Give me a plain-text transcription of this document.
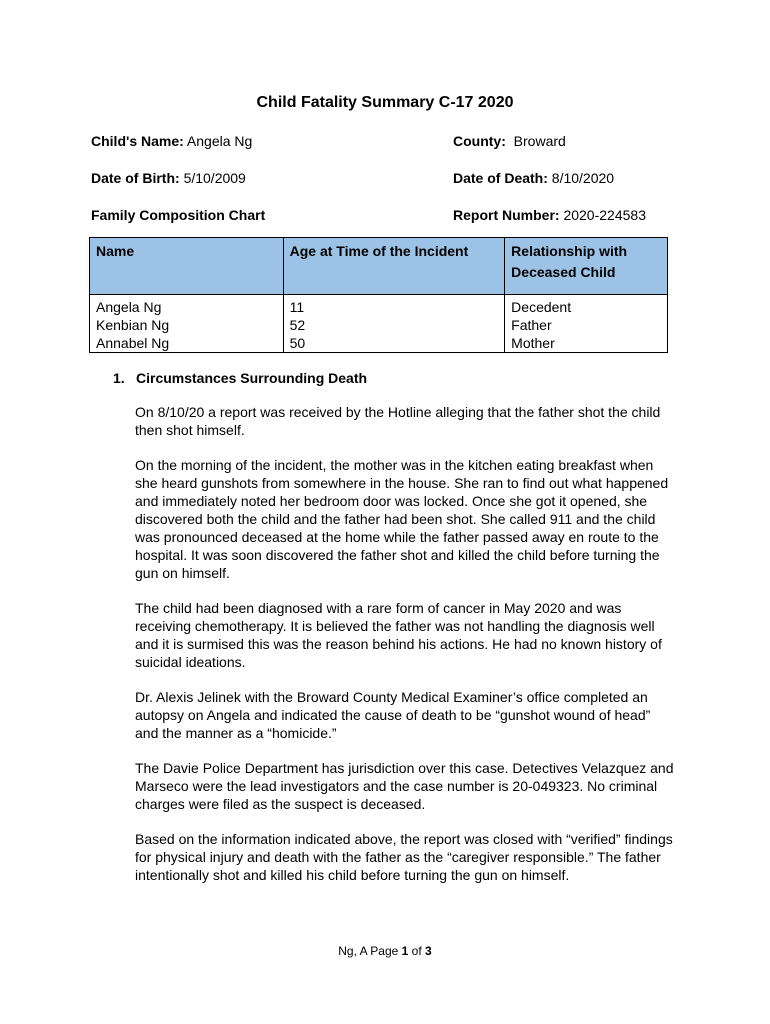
Child Fatality Summary C-17 2020
Child's Name: Angela Ng	County: Broward
Date of Birth: 5/10/2009	Date of Death: 8/10/2020
Family Composition Chart	Report Number: 2020-224583
Name	Age at Time of the Incident	Relationship with Deceased Child
Angela Ng	11	Decedent
Kenbian Ng	52	Father
Annabel Ng	50	Mother
1. Circumstances Surrounding Death

On 8/10/20 a report was received by the Hotline alleging that the father shot the child then shot himself.

On the morning of the incident, the mother was in the kitchen eating breakfast when she heard gunshots from somewhere in the house. She ran to find out what happened and immediately noted her bedroom door was locked. Once she got it opened, she discovered both the child and the father had been shot. She called 911 and the child was pronounced deceased at the home while the father passed away en route to the hospital. It was soon discovered the father shot and killed the child before turning the gun on himself.

The child had been diagnosed with a rare form of cancer in May 2020 and was receiving chemotherapy. It is believed the father was not handling the diagnosis well and it is surmised this was the reason behind his actions. He had no known history of suicidal ideations.

Dr. Alexis Jelinek with the Broward County Medical Examiner’s office completed an autopsy on Angela and indicated the cause of death to be “gunshot wound of head” and the manner as a “homicide.”

The Davie Police Department has jurisdiction over this case. Detectives Velazquez and Marseco were the lead investigators and the case number is 20-049323. No criminal charges were filed as the suspect is deceased.

Based on the information indicated above, the report was closed with “verified” findings for physical injury and death with the father as the “caregiver responsible.” The father intentionally shot and killed his child before turning the gun on himself.

Ng, A Page 1 of 3
